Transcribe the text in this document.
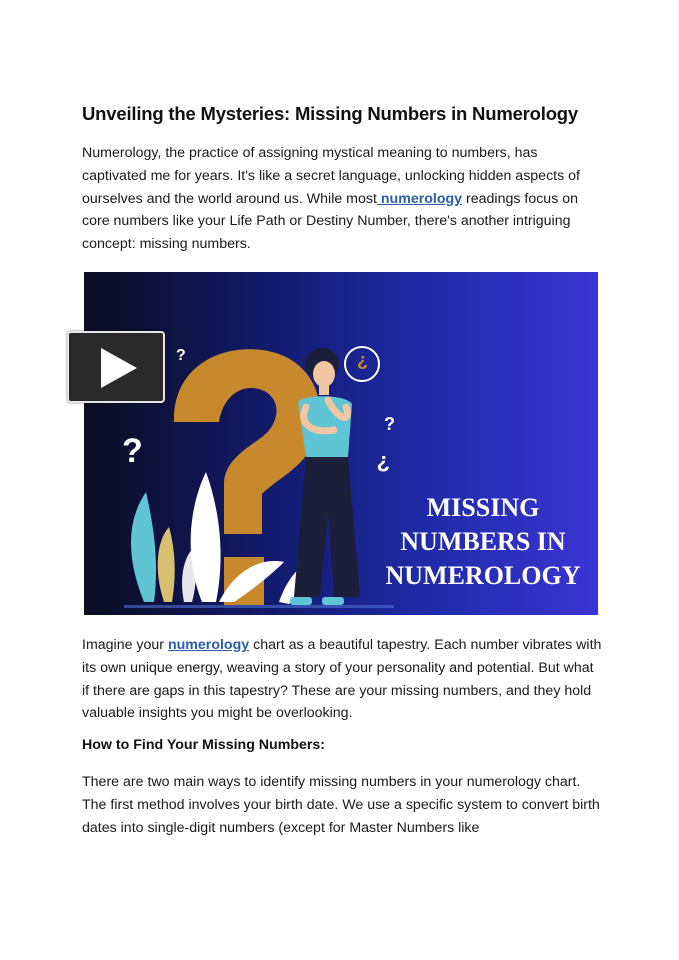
Unveiling the Mysteries: Missing Numbers in Numerology

Numerology, the practice of assigning mystical meaning to numbers, has captivated me for years. It's like a secret language, unlocking hidden aspects of ourselves and the world around us. While most numerology readings focus on core numbers like your Life Path or Destiny Number, there's another intriguing concept: missing numbers.

?
?
?
?
?
MISSING
NUMBERS IN
NUMEROLOGY

Imagine your numerology chart as a beautiful tapestry. Each number vibrates with its own unique energy, weaving a story of your personality and potential. But what if there are gaps in this tapestry? These are your missing numbers, and they hold valuable insights you might be overlooking.

How to Find Your Missing Numbers:

There are two main ways to identify missing numbers in your numerology chart. The first method involves your birth date. We use a specific system to convert birth dates into single-digit numbers (except for Master Numbers like
